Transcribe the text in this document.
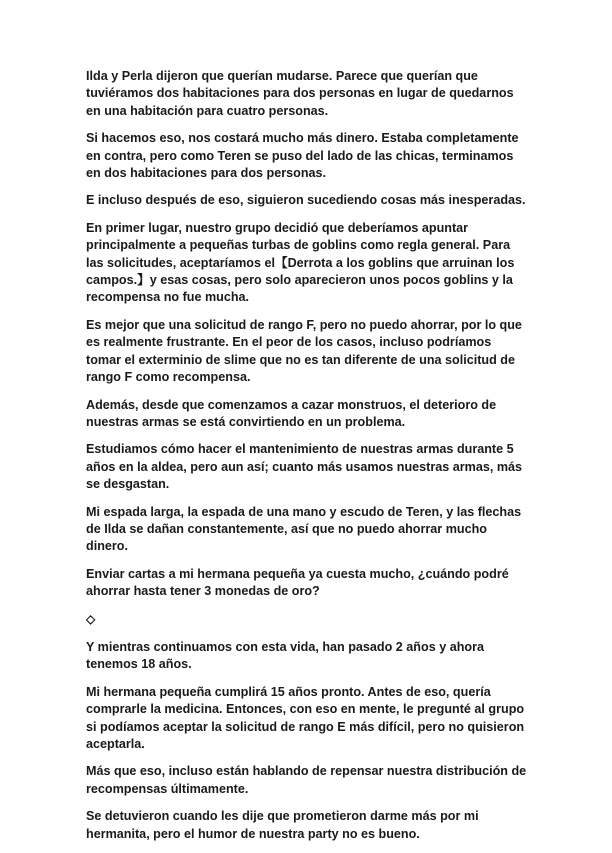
Ilda y Perla dijeron que querían mudarse. Parece que querían que tuviéramos dos habitaciones para dos personas en lugar de quedarnos en una habitación para cuatro personas.

Si hacemos eso, nos costará mucho más dinero. Estaba completamente en contra, pero como Teren se puso del lado de las chicas, terminamos en dos habitaciones para dos personas.

E incluso después de eso, siguieron sucediendo cosas más inesperadas.

En primer lugar, nuestro grupo decidió que deberíamos apuntar principalmente a pequeñas turbas de goblins como regla general. Para las solicitudes, aceptaríamos el【Derrota a los goblins que arruinan los campos.】y esas cosas, pero solo aparecieron unos pocos goblins y la recompensa no fue mucha.

Es mejor que una solicitud de rango F, pero no puedo ahorrar, por lo que es realmente frustrante. En el peor de los casos, incluso podríamos tomar el exterminio de slime que no es tan diferente de una solicitud de rango F como recompensa.

Además, desde que comenzamos a cazar monstruos, el deterioro de nuestras armas se está convirtiendo en un problema.

Estudiamos cómo hacer el mantenimiento de nuestras armas durante 5 años en la aldea, pero aun así; cuanto más usamos nuestras armas, más se desgastan.

Mi espada larga, la espada de una mano y escudo de Teren, y las flechas de Ilda se dañan constantemente, así que no puedo ahorrar mucho dinero.

Enviar cartas a mi hermana pequeña ya cuesta mucho, ¿cuándo podré ahorrar hasta tener 3 monedas de oro?

◇

Y mientras continuamos con esta vida, han pasado 2 años y ahora tenemos 18 años.

Mi hermana pequeña cumplirá 15 años pronto. Antes de eso, quería comprarle la medicina. Entonces, con eso en mente, le pregunté al grupo si podíamos aceptar la solicitud de rango E más difícil, pero no quisieron aceptarla.

Más que eso, incluso están hablando de repensar nuestra distribución de recompensas últimamente.

Se detuvieron cuando les dije que prometieron darme más por mi hermanita, pero el humor de nuestra party no es bueno.
